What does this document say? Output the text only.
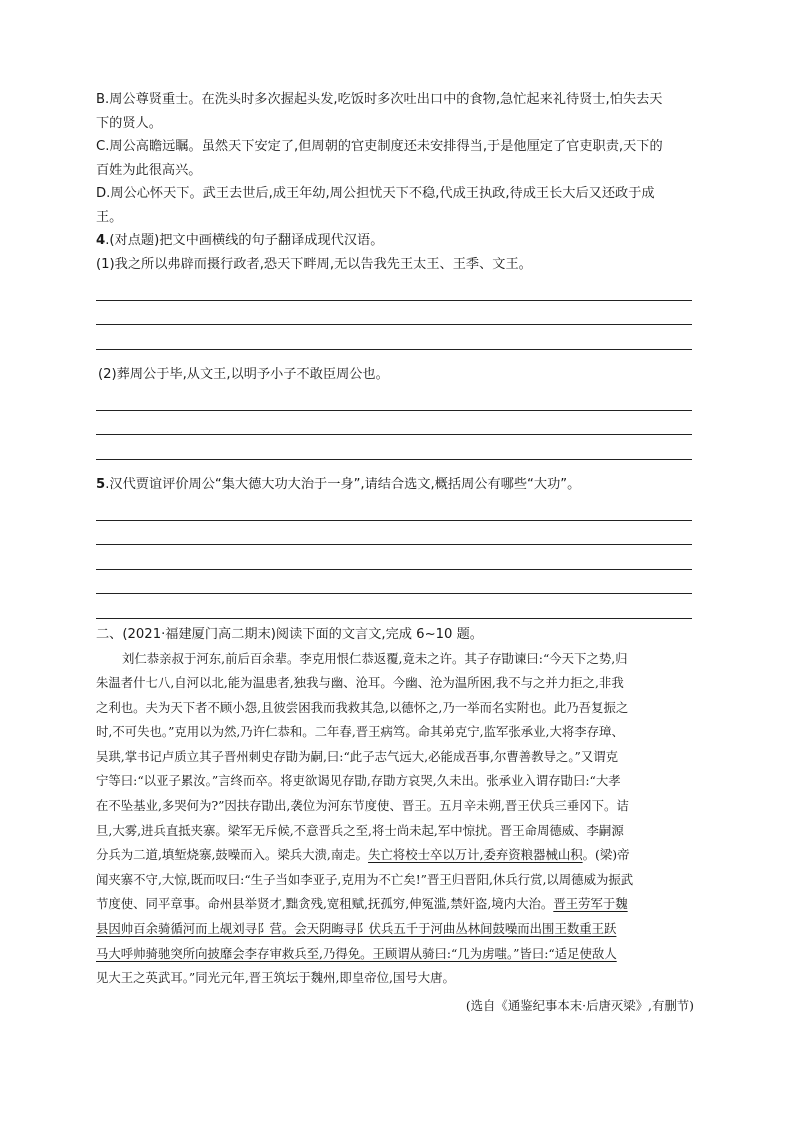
B.周公尊贤重士。在洗头时多次握起头发,吃饭时多次吐出口中的食物,急忙起来礼待贤士,怕失去天
下的贤人。
C.周公高瞻远瞩。虽然天下安定了,但周朝的官吏制度还未安排得当,于是他厘定了官吏职责,天下的
百姓为此很高兴。
D.周公心怀天下。武王去世后,成王年幼,周公担忧天下不稳,代成王执政,待成王长大后又还政于成
王。
4.(对点题)把文中画横线的句子翻译成现代汉语。
(1)我之所以弗辟而摄行政者,恐天下畔周,无以告我先王太王、王季、文王。
(2)葬周公于毕,从文王,以明予小子不敢臣周公也。
5.汉代贾谊评价周公“集大德大功大治于一身”,请结合选文,概括周公有哪些“大功”。
二、(2021·福建厦门高二期末)阅读下面的文言文,完成 6~10 题。
刘仁恭亲叔于河东,前后百余辈。李克用恨仁恭返覆,竟未之许。其子存勖谏曰:“今天下之势,归
朱温者什七八,自河以北,能为温患者,独我与幽、沧耳。今幽、沧为温所困,我不与之并力拒之,非我
之利也。夫为天下者不顾小怨,且彼尝困我而我救其急,以德怀之,乃一举而名实附也。此乃吾复振之
时,不可失也。”克用以为然,乃许仁恭和。二年春,晋王病笃。命其弟克宁,监军张承业,大将李存璋、
吴珙,掌书记卢质立其子晋州刺史存勖为嗣,曰:“此子志气远大,必能成吾事,尔曹善教导之。”又谓克
宁等曰:“以亚子累汝。”言终而卒。将吏欲谒见存勖,存勖方哀哭,久未出。张承业入谓存勖曰:“大孝
在不坠基业,多哭何为?”因扶存勖出,袭位为河东节度使、晋王。五月辛未朔,晋王伏兵三垂冈下。诘
旦,大雾,进兵直抵夹寨。梁军无斥候,不意晋兵之至,将士尚未起,军中惊扰。晋王命周德威、李嗣源
分兵为二道,填堑烧寨,鼓噪而入。梁兵大溃,南走。失亡将校士卒以万计,委弃资粮器械山积。(梁)帝
闻夹寨不守,大惊,既而叹曰:“生子当如李亚子,克用为不亡矣!”晋王归晋阳,休兵行赏,以周德威为振武
节度使、同平章事。命州县举贤才,黜贪残,宽租赋,抚孤穷,伸冤滥,禁奸盗,境内大治。晋王劳军于魏
县因帅百余骑循河而上觇刘寻阝营。会天阴晦寻阝伏兵五千于河曲丛林间鼓噪而出围王数重王跃
马大呼帅骑驰突所向披靡会李存审救兵至,乃得免。王顾谓从骑曰:“几为虏嗤。”皆曰:“适足使敌人
见大王之英武耳。”同光元年,晋王筑坛于魏州,即皇帝位,国号大唐。
(选自《通鉴纪事本末·后唐灭梁》,有删节)
